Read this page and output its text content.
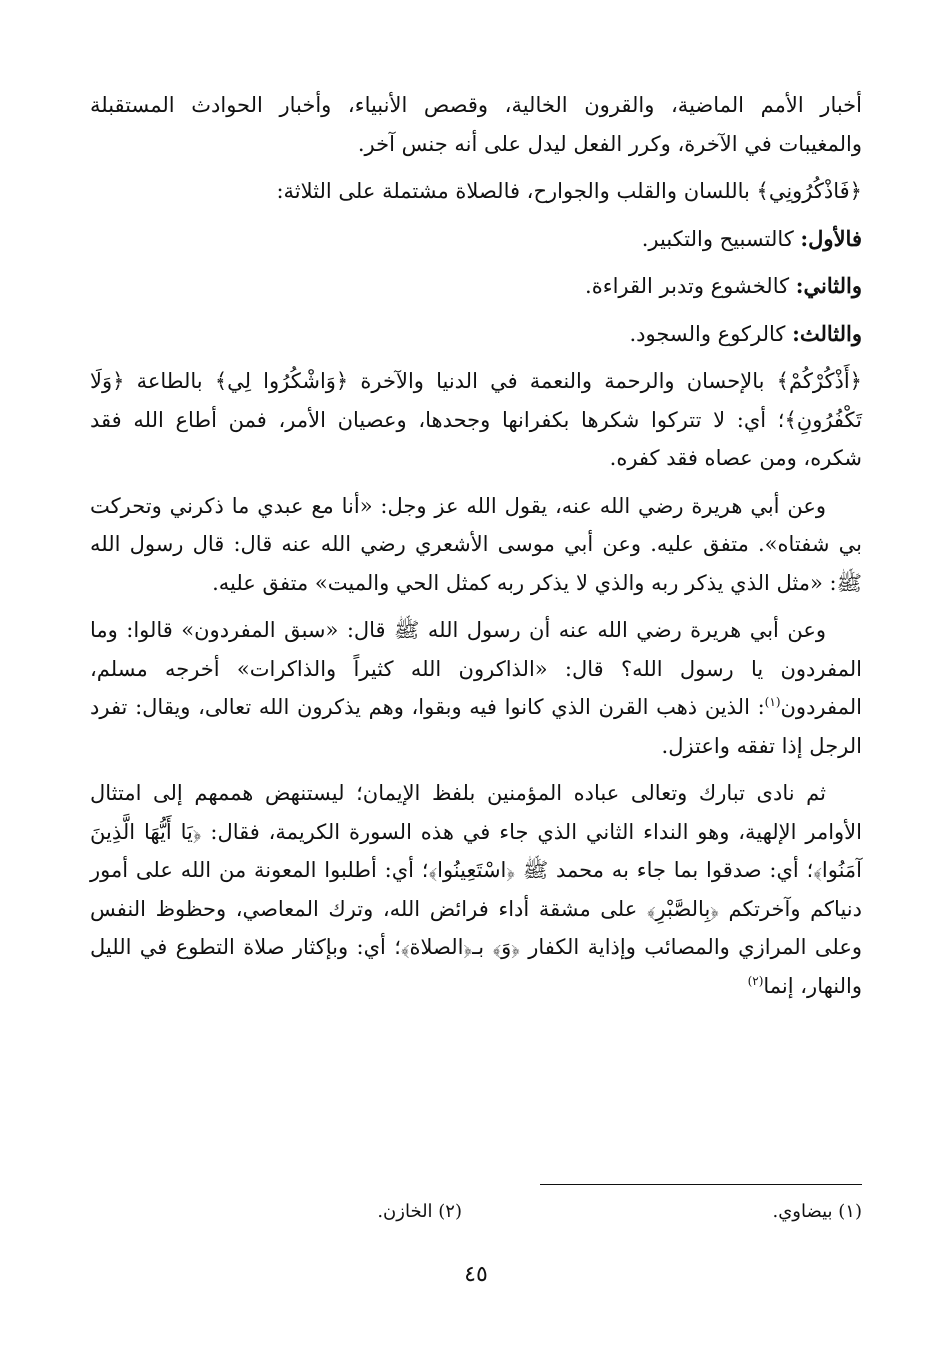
أخبار الأمم الماضية، والقرون الخالية، وقصص الأنبياء، وأخبار الحوادث المستقبلة والمغيبات في الآخرة، وكرر الفعل ليدل على أنه جنس آخر.

﴿فَاذْكُرُونِي﴾ باللسان والقلب والجوارح، فالصلاة مشتملة على الثلاثة:

فالأول: كالتسبيح والتكبير.

والثاني: كالخشوع وتدبر القراءة.

والثالث: كالركوع والسجود.

﴿أَذْكُرْكُمْ﴾ بالإحسان والرحمة والنعمة في الدنيا والآخرة ﴿وَاشْكُرُوا لِي﴾ بالطاعة ﴿وَلَا تَكْفُرُونِ﴾؛ أي: لا تتركوا شكرها بكفرانها وجحدها، وعصيان الأمر، فمن أطاع الله فقد شكره، ومن عصاه فقد كفره.

وعن أبي هريرة رضي الله عنه، يقول الله عز وجل: «أنا مع عبدي ما ذكرني وتحركت بي شفتاه». متفق عليه. وعن أبي موسى الأشعري رضي الله عنه قال: قال رسول الله ﷺ: «مثل الذي يذكر ربه والذي لا يذكر ربه كمثل الحي والميت» متفق عليه.

وعن أبي هريرة رضي الله عنه أن رسول الله ﷺ قال: «سبق المفردون» قالوا: وما المفردون يا رسول الله؟ قال: «الذاكرون الله كثيراً والذاكرات» أخرجه مسلم، المفردون$^{(١)}$: الذين ذهب القرن الذي كانوا فيه وبقوا، وهم يذكرون الله تعالى، ويقال: تفرد الرجل إذا تفقه واعتزل.

ثم نادى تبارك وتعالى عباده المؤمنين بلفظ الإيمان؛ ليستنهض هممهم إلى امتثال الأوامر الإلهية، وهو النداء الثاني الذي جاء في هذه السورة الكريمة، فقال: ﴿يَا أَيُّهَا الَّذِينَ آمَنُوا﴾؛ أي: صدقوا بما جاء به محمد ﷺ ﴿اسْتَعِينُوا﴾؛ أي: أطلبوا المعونة من الله على أمور دنياكم وآخرتكم ﴿بِالصَّبْرِ﴾ على مشقة أداء فرائض الله، وترك المعاصي، وحظوظ النفس وعلى المرازي والمصائب وإذاية الكفار ﴿وَ﴾ بـ﴿الصلاة﴾؛ أي: وبإكثار صلاة التطوع في الليل والنهار، إنما$^{(٢)}$

(١) بيضاوي.
(٢) الخازن.
٤٥
